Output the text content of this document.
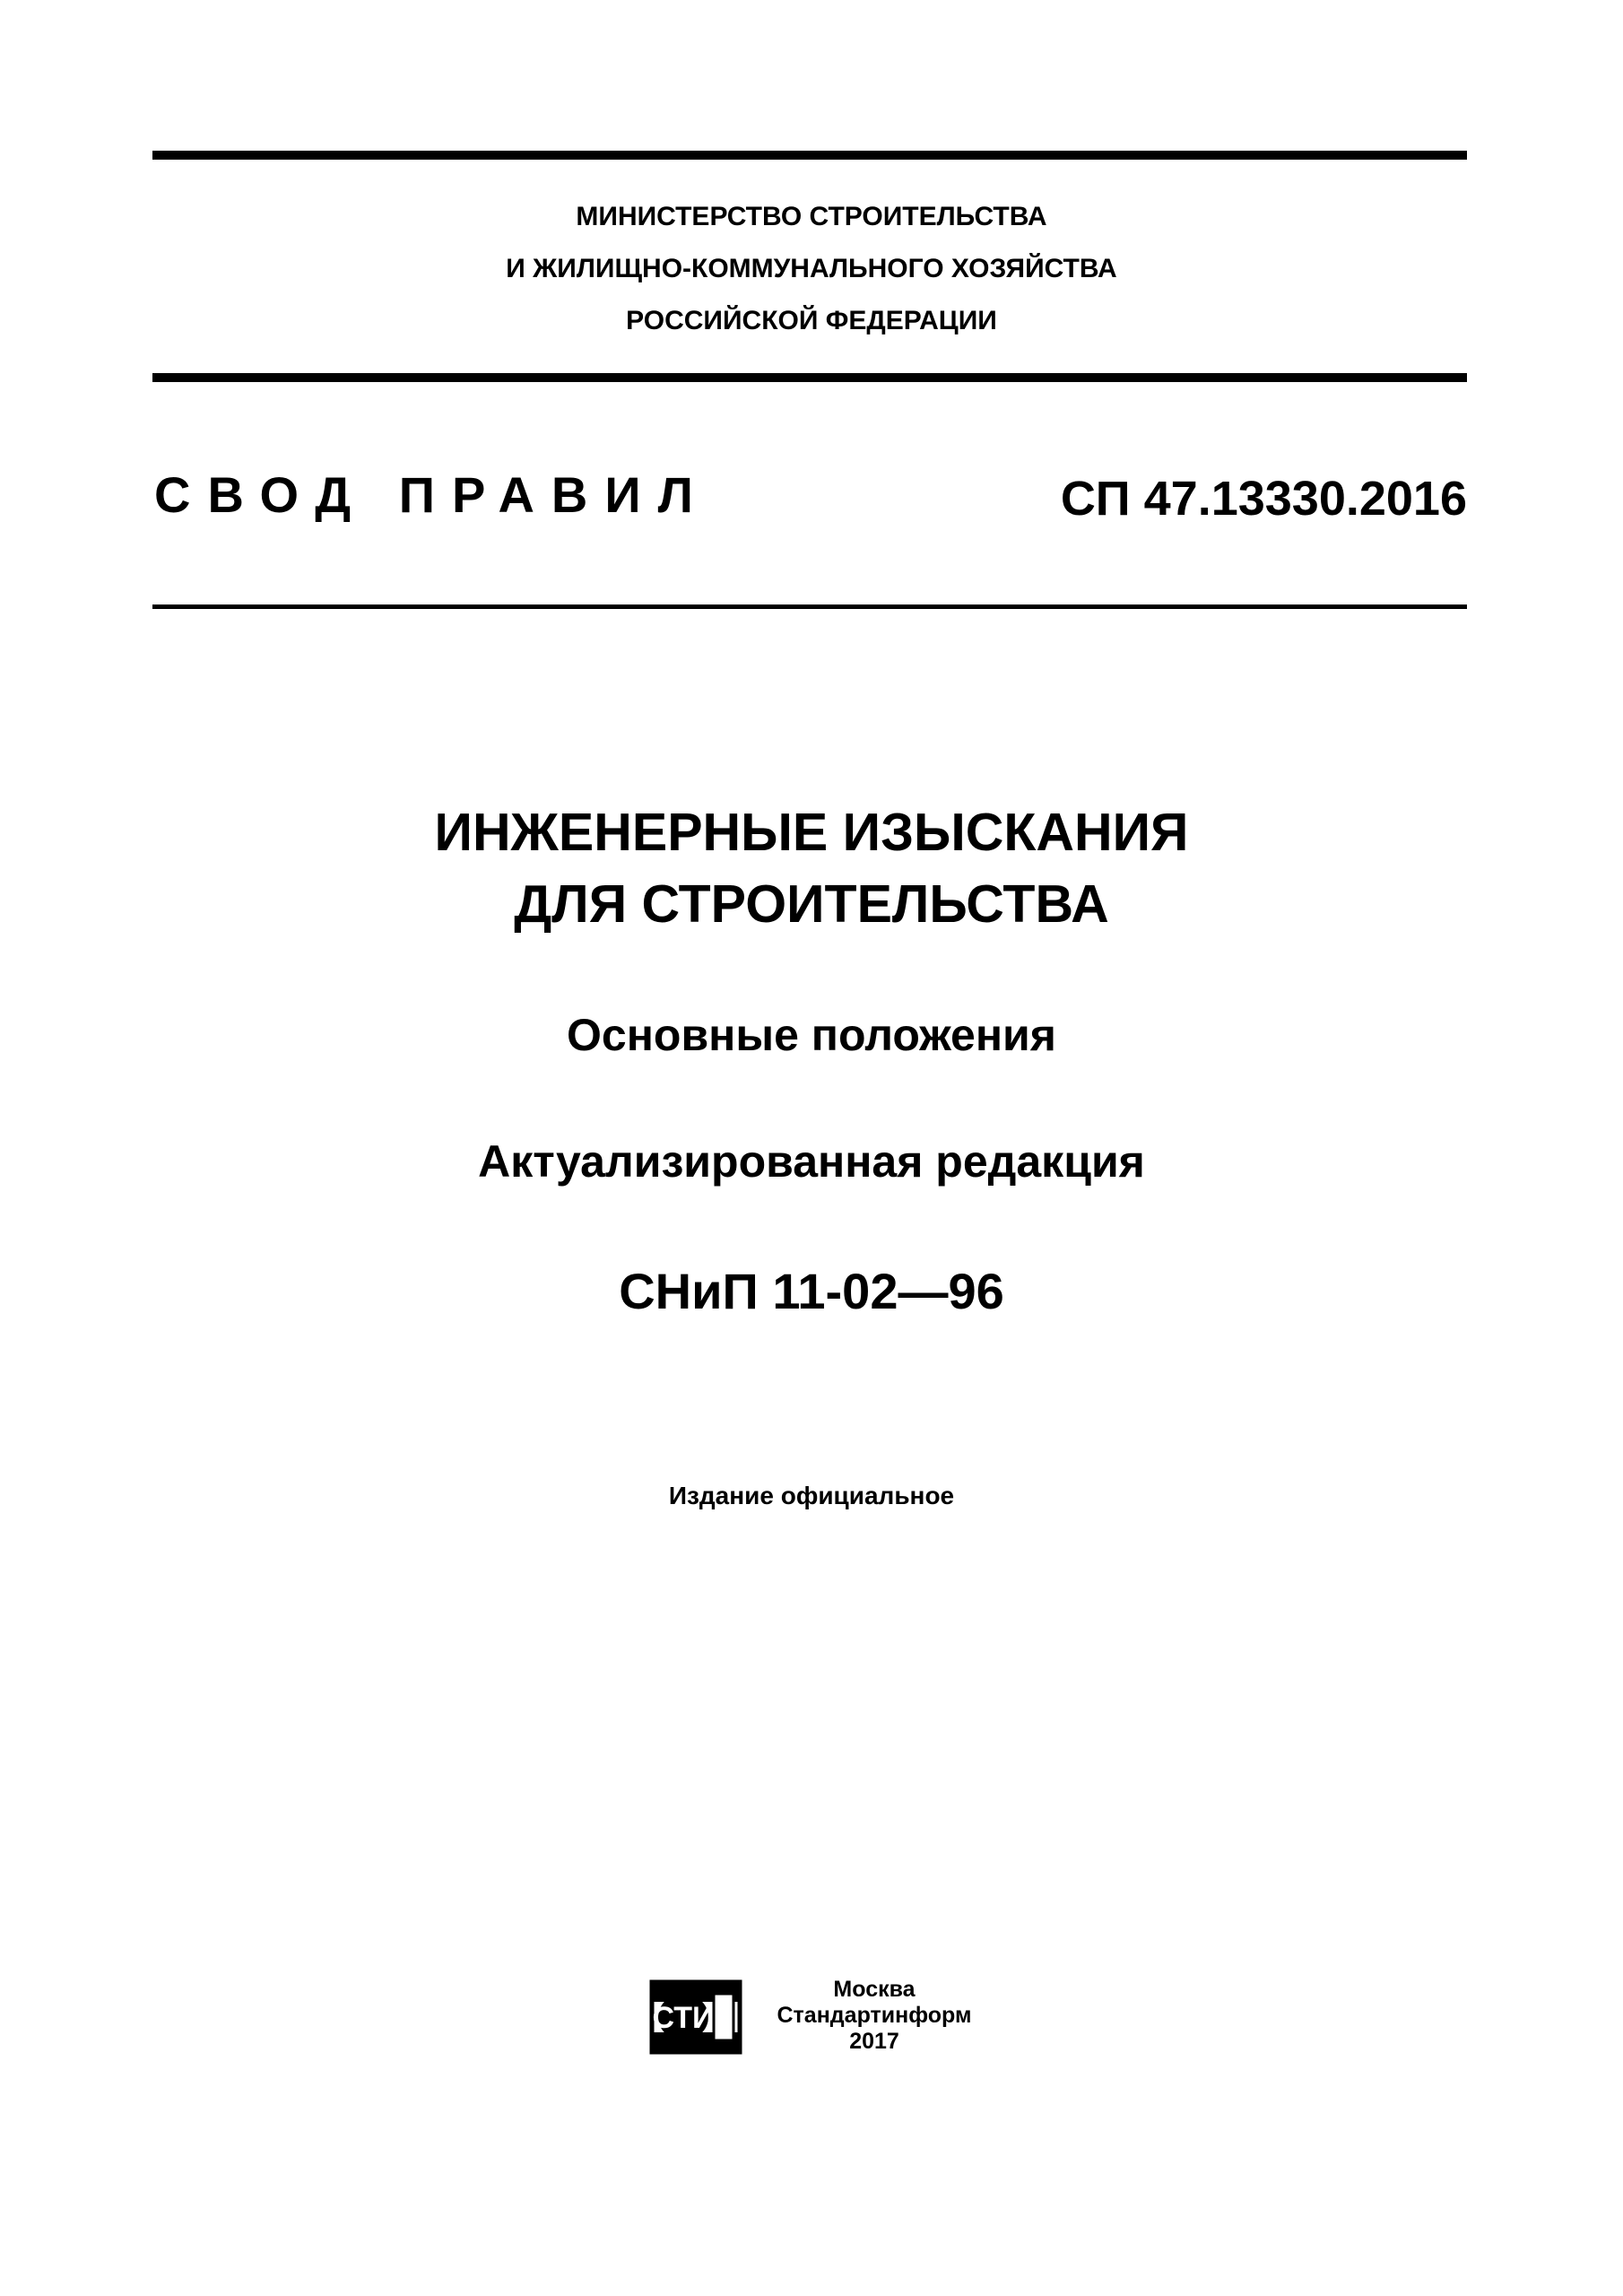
МИНИСТЕРСТВО СТРОИТЕЛЬСТВА
И ЖИЛИЩНО-КОММУНАЛЬНОГО ХОЗЯЙСТВА
РОССИЙСКОЙ ФЕДЕРАЦИИ
СВОД ПРАВИЛ	СП 47.13330.2016
ИНЖЕНЕРНЫЕ ИЗЫСКАНИЯ
ДЛЯ СТРОИТЕЛЬСТВА
Основные положения
Актуализированная редакция
СНиП 11-02—96
Издание официальное
СТИ
Москва
Стандартинформ
2017
